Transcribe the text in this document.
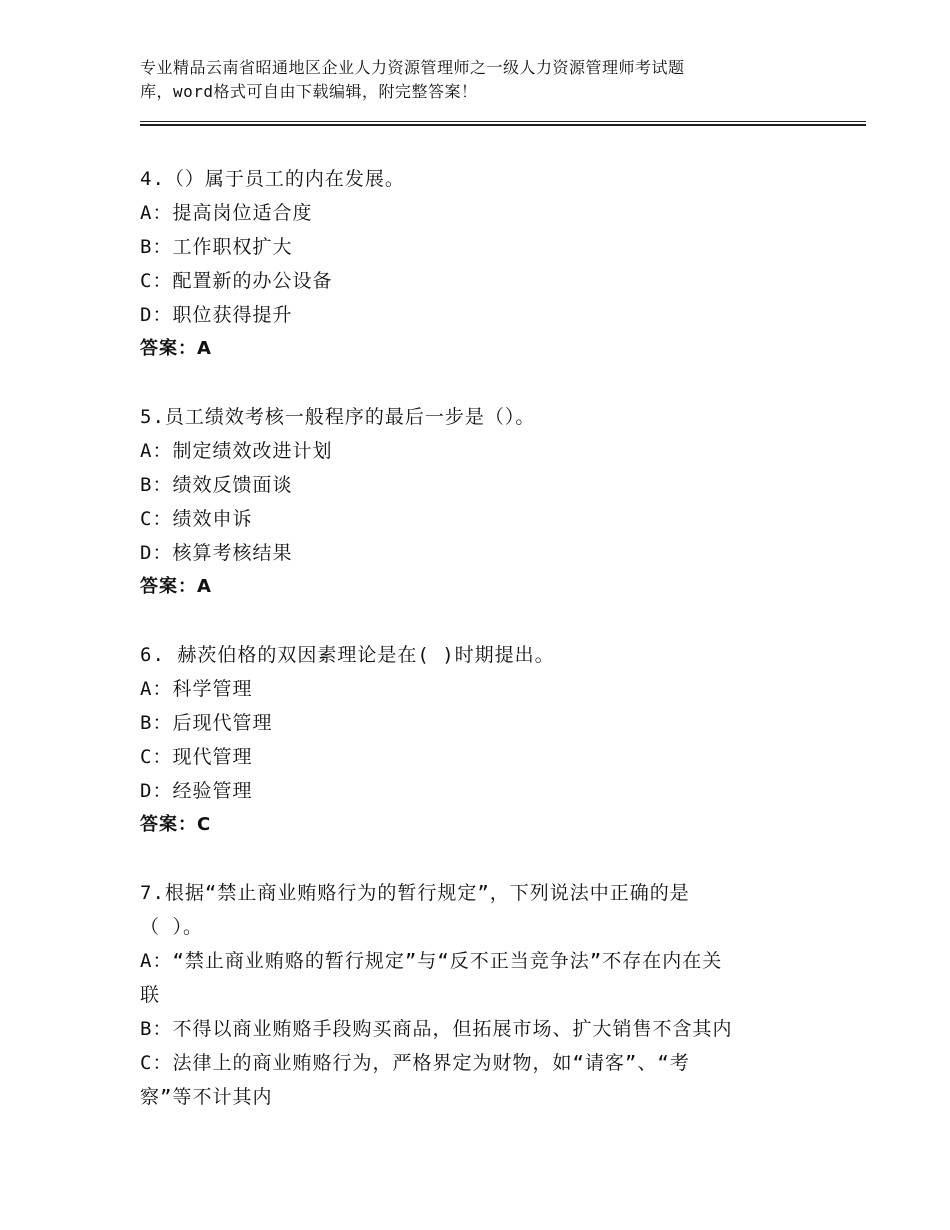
专业精品云南省昭通地区企业人力资源管理师之一级人力资源管理师考试题
库，word格式可自由下载编辑，附完整答案！
4.（）属于员工的内在发展。
A：提高岗位适合度
B：工作职权扩大
C：配置新的办公设备
D：职位获得提升
答案：A
5.员工绩效考核一般程序的最后一步是（）。
A：制定绩效改进计划
B：绩效反馈面谈
C：绩效申诉
D：核算考核结果
答案：A
6. 赫茨伯格的双因素理论是在( )时期提出。
A：科学管理
B：后现代管理
C：现代管理
D：经验管理
答案：C
7.根据“禁止商业贿赂行为的暂行规定”，下列说法中正确的是
（ ）。
A：“禁止商业贿赂的暂行规定”与“反不正当竞争法”不存在内在关
联
B：不得以商业贿赂手段购买商品，但拓展市场、扩大销售不含其内
C：法律上的商业贿赂行为，严格界定为财物，如“请客”、“考
察”等不计其内
